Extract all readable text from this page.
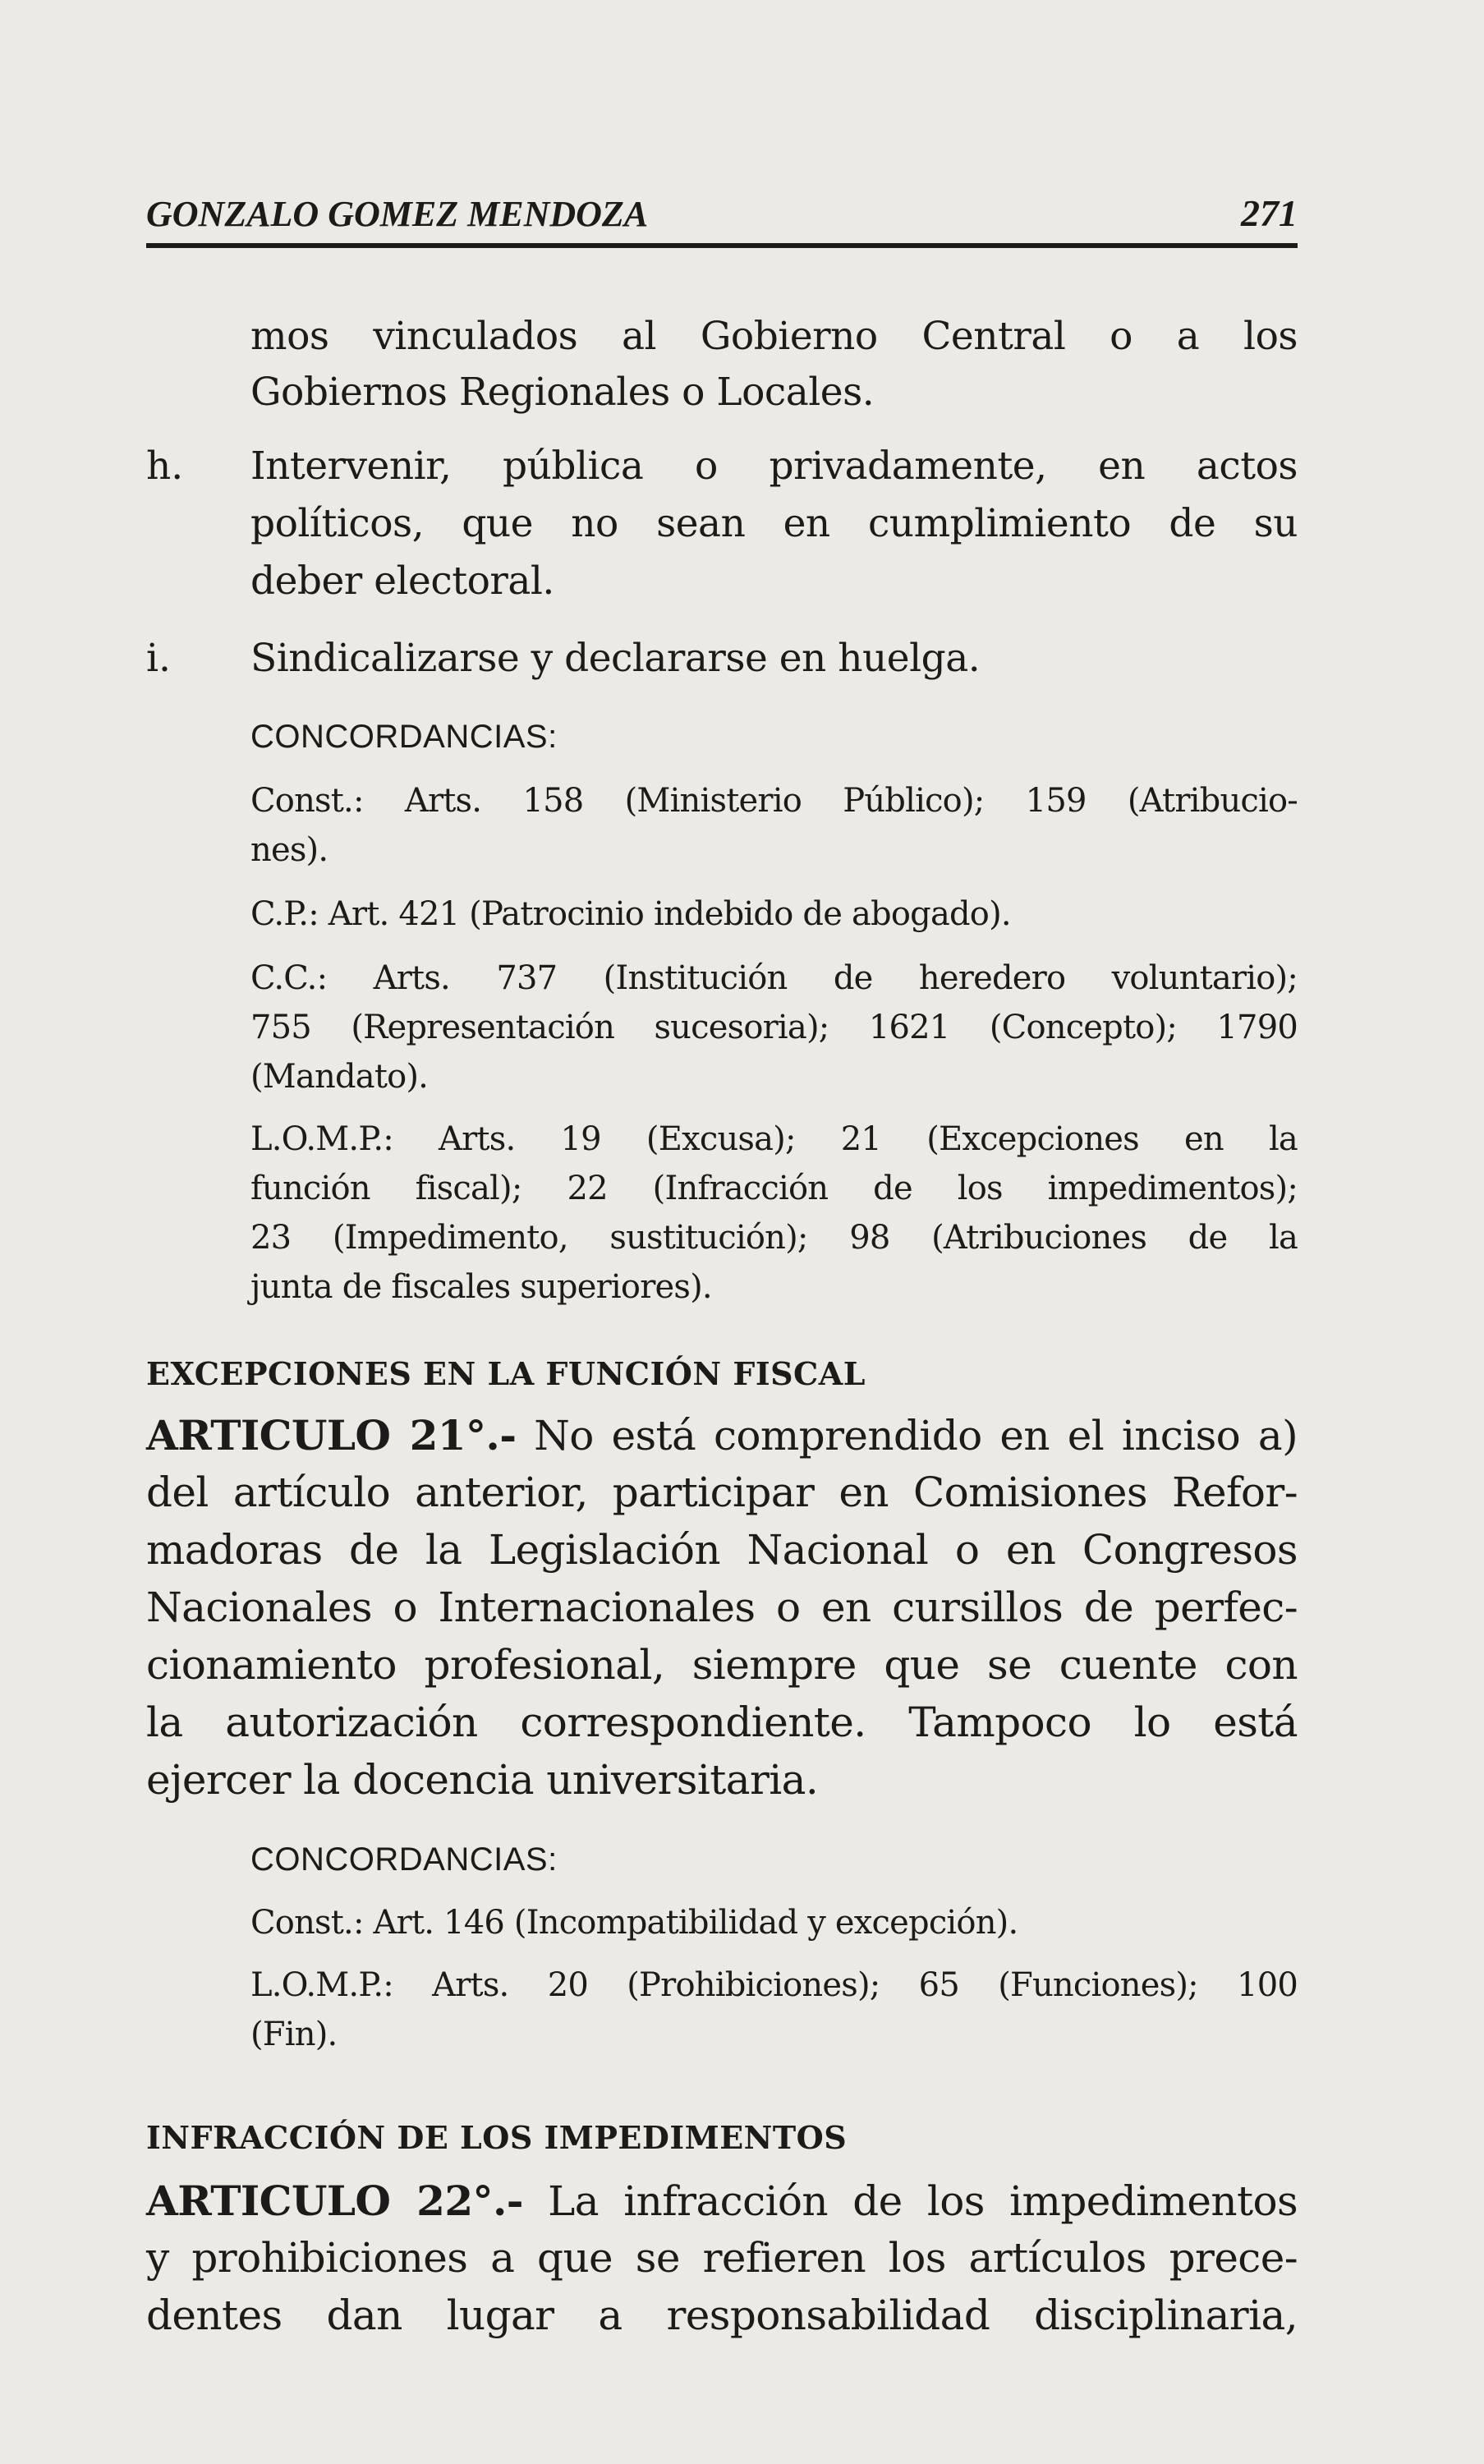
GONZALO GOMEZ MENDOZA	271
mos vinculados al Gobierno Central o a los
Gobiernos Regionales o Locales.
h. Intervenir, pública o privadamente, en actos
políticos, que no sean en cumplimiento de su
deber electoral.
i. Sindicalizarse y declararse en huelga.
CONCORDANCIAS:
Const.: Arts. 158 (Ministerio Público); 159 (Atribucio-
nes).
C.P.: Art. 421 (Patrocinio indebido de abogado).
C.C.: Arts. 737 (Institución de heredero voluntario);
755 (Representación sucesoria); 1621 (Concepto); 1790
(Mandato).
L.O.M.P.: Arts. 19 (Excusa); 21 (Excepciones en la
función fiscal); 22 (Infracción de los impedimentos);
23 (Impedimento, sustitución); 98 (Atribuciones de la
junta de fiscales superiores).
EXCEPCIONES EN LA FUNCIÓN FISCAL
ARTICULO 21°.- No está comprendido en el inciso a)
del artículo anterior, participar en Comisiones Refor-
madoras de la Legislación Nacional o en Congresos
Nacionales o Internacionales o en cursillos de perfec-
cionamiento profesional, siempre que se cuente con
la autorización correspondiente. Tampoco lo está
ejercer la docencia universitaria.
CONCORDANCIAS:
Const.: Art. 146 (Incompatibilidad y excepción).
L.O.M.P.: Arts. 20 (Prohibiciones); 65 (Funciones); 100
(Fin).
INFRACCIÓN DE LOS IMPEDIMENTOS
ARTICULO 22°.- La infracción de los impedimentos
y prohibiciones a que se refieren los artículos prece-
dentes dan lugar a responsabilidad disciplinaria,
